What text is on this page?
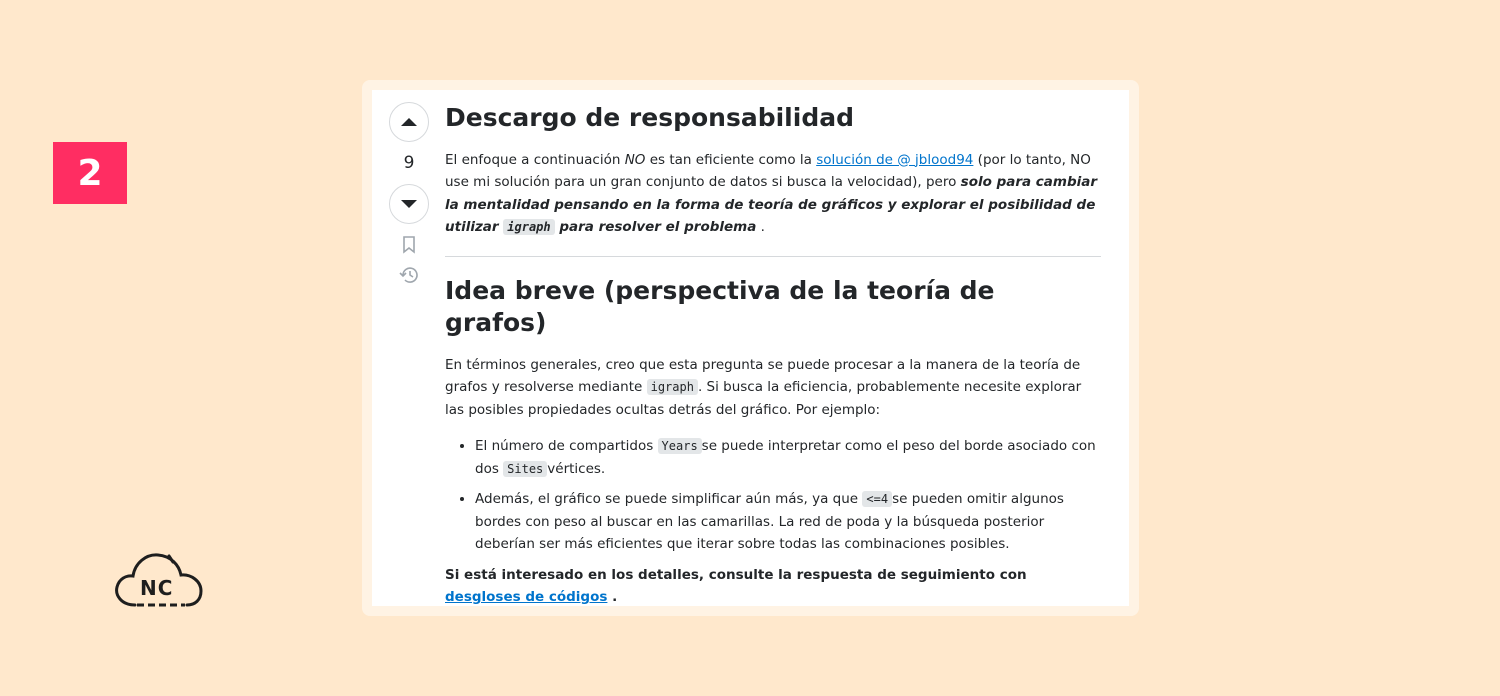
2
NC
9
Descargo de responsabilidad

El enfoque a continuación NO es tan eficiente como la solución de @ jblood94 (por lo tanto, NO use mi solución para un gran conjunto de datos si busca la velocidad), pero solo para cambiar la mentalidad pensando en la forma de teoría de gráficos y explorar el posibilidad de utilizar igraph para resolver el problema .

Idea breve (perspectiva de la teoría de grafos)

En términos generales, creo que esta pregunta se puede procesar a la manera de la teoría de grafos y resolverse mediante igraph . Si busca la eficiencia, probablemente necesite explorar las posibles propiedades ocultas detrás del gráfico. Por ejemplo:

• El número de compartidos Years se puede interpretar como el peso del borde asociado con dos Sites vértices.
• Además, el gráfico se puede simplificar aún más, ya que <=4 se pueden omitir algunos bordes con peso al buscar en las camarillas. La red de poda y la búsqueda posterior deberían ser más eficientes que iterar sobre todas las combinaciones posibles.

Si está interesado en los detalles, consulte la respuesta de seguimiento con desgloses de códigos .
